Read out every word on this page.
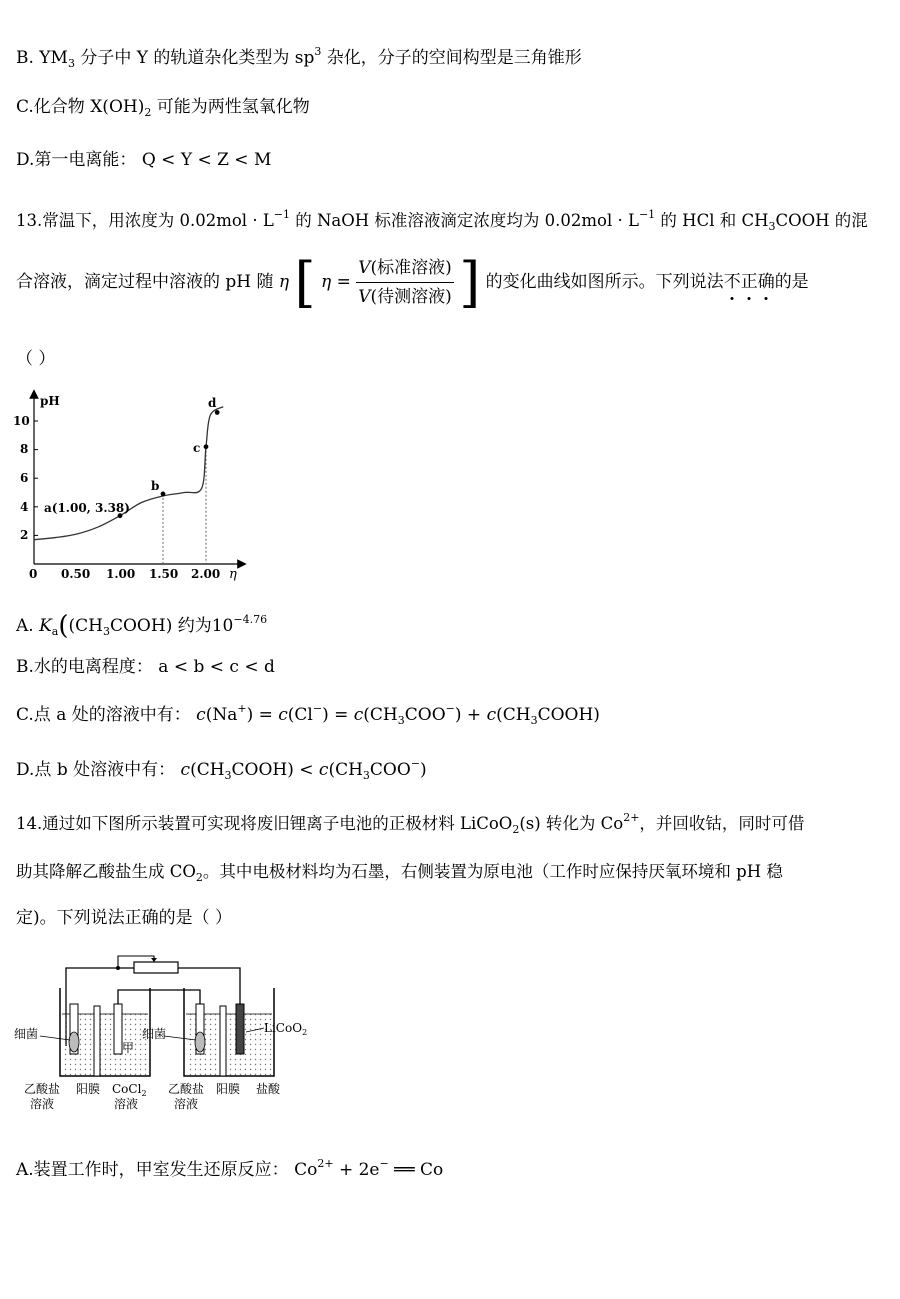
B. $YM_3$ 分子中 Y 的轨道杂化类型为 $sp^3$ 杂化，分子的空间构型是三角锥形
C.化合物 $X(OH)_2$ 可能为两性氢氧化物
D.第一电离能： Q < Y < Z < M
13.常温下，用浓度为 $0.02mol \cdot L^{-1}$ 的 NaOH 标准溶液滴定浓度均为 $0.02mol \cdot L^{-1}$ 的 HCl 和 $CH_3COOH$ 的混
合溶液，滴定过程中溶液的 pH 随 η [ $\eta = \frac{\text{V(标准溶液)}}{\text{V(待测溶液)}}$ ] 的变化曲线如图所示。下列说法不正确的是
（ ）
pH
η
10
8
6
4
2
0 0.50 1.00 1.50 2.00
a(1.00, 3.38)
b
c
d
A. $K_a((CH_3COOH)$ 约为$10^{-4.76}$
B.水的电离程度： a < b < c < d
C.点 a 处的溶液中有： $c(Na^+) = c(Cl^-) = c(CH_3COO^-)$ + $c(CH_3COOH)$
D.点 b 处溶液中有： $c(CH_3COOH) < c(CH_3COO^-)$
14.通过如下图所示装置可实现将废旧锂离子电池的正极材料 LiCoO$_2$(s) 转化为 $Co^{2+}$，并回收钴，同时可借
助其降解乙酸盐生成 $CO_2$。其中电极材料均为石墨，右侧装置为原电池（工作时应保持厌氧环境和 pH 稳
定)。下列说法正确的是（ ）
细菌	细菌
甲
LiCoO$_2$
乙酸盐
溶液
阳膜 CoCl$_2$
溶液
乙酸盐
溶液
阳膜 盐酸
A.装置工作时，甲室发生还原反应： $Co^{2+} + 2e^-$ ══ Co
